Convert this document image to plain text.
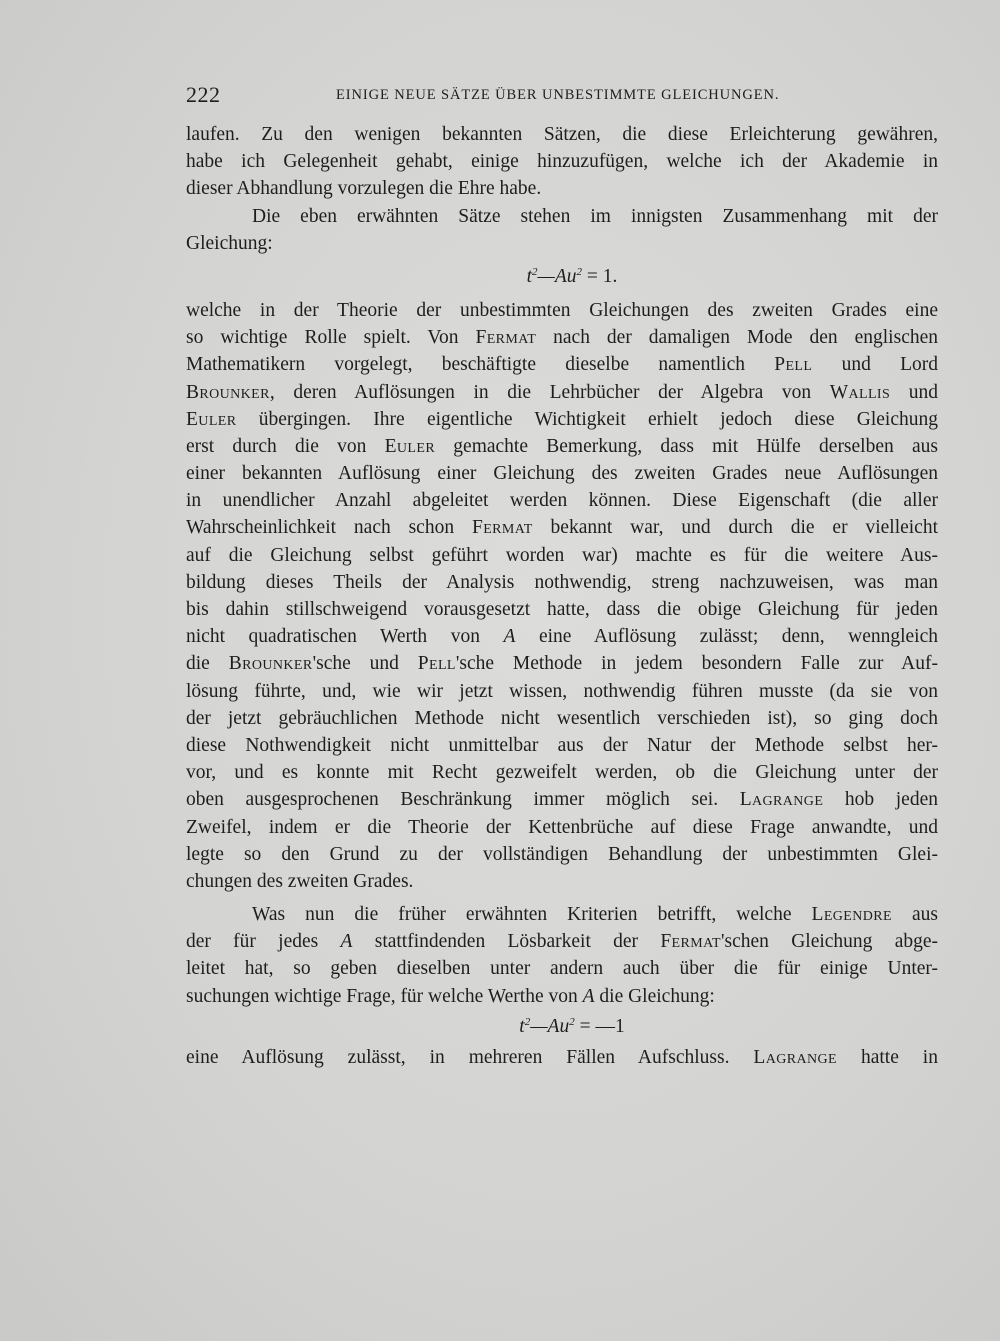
222	EINIGE NEUE SÄTZE ÜBER UNBESTIMMTE GLEICHUNGEN.
laufen. Zu den wenigen bekannten Sätzen, die diese Erleichterung gewähren,
habe ich Gelegenheit gehabt, einige hinzuzufügen, welche ich der Akademie in
dieser Abhandlung vorzulegen die Ehre habe.
Die eben erwähnten Sätze stehen im innigsten Zusammenhang mit der
Gleichung:
$t^2—Au^2 = 1$.
welche in der Theorie der unbestimmten Gleichungen des zweiten Grades eine
so wichtige Rolle spielt. Von Fermat nach der damaligen Mode den englischen
Mathematikern vorgelegt, beschäftigte dieselbe namentlich Pell und Lord
Brounker, deren Auflösungen in die Lehrbücher der Algebra von Wallis und
Euler übergingen. Ihre eigentliche Wichtigkeit erhielt jedoch diese Gleichung
erst durch die von Euler gemachte Bemerkung, dass mit Hülfe derselben aus
einer bekannten Auflösung einer Gleichung des zweiten Grades neue Auflösungen
in unendlicher Anzahl abgeleitet werden können. Diese Eigenschaft (die aller
Wahrscheinlichkeit nach schon Fermat bekannt war, und durch die er vielleicht
auf die Gleichung selbst geführt worden war) machte es für die weitere Aus-
bildung dieses Theils der Analysis nothwendig, streng nachzuweisen, was man
bis dahin stillschweigend vorausgesetzt hatte, dass die obige Gleichung für jeden
nicht quadratischen Werth von A eine Auflösung zulässt; denn, wenngleich
die Brounker'sche und Pell'sche Methode in jedem besondern Falle zur Auf-
lösung führte, und, wie wir jetzt wissen, nothwendig führen musste (da sie von
der jetzt gebräuchlichen Methode nicht wesentlich verschieden ist), so ging doch
diese Nothwendigkeit nicht unmittelbar aus der Natur der Methode selbst her-
vor, und es konnte mit Recht gezweifelt werden, ob die Gleichung unter der
oben ausgesprochenen Beschränkung immer möglich sei. Lagrange hob jeden
Zweifel, indem er die Theorie der Kettenbrüche auf diese Frage anwandte, und
legte so den Grund zu der vollständigen Behandlung der unbestimmten Glei-
chungen des zweiten Grades.
Was nun die früher erwähnten Kriterien betrifft, welche Legendre aus
der für jedes A stattfindenden Lösbarkeit der Fermat'schen Gleichung abge-
leitet hat, so geben dieselben unter andern auch über die für einige Unter-
suchungen wichtige Frage, für welche Werthe von A die Gleichung:
$t^2—Au^2$ = —1
eine Auflösung zulässt, in mehreren Fällen Aufschluss. Lagrange hatte in
